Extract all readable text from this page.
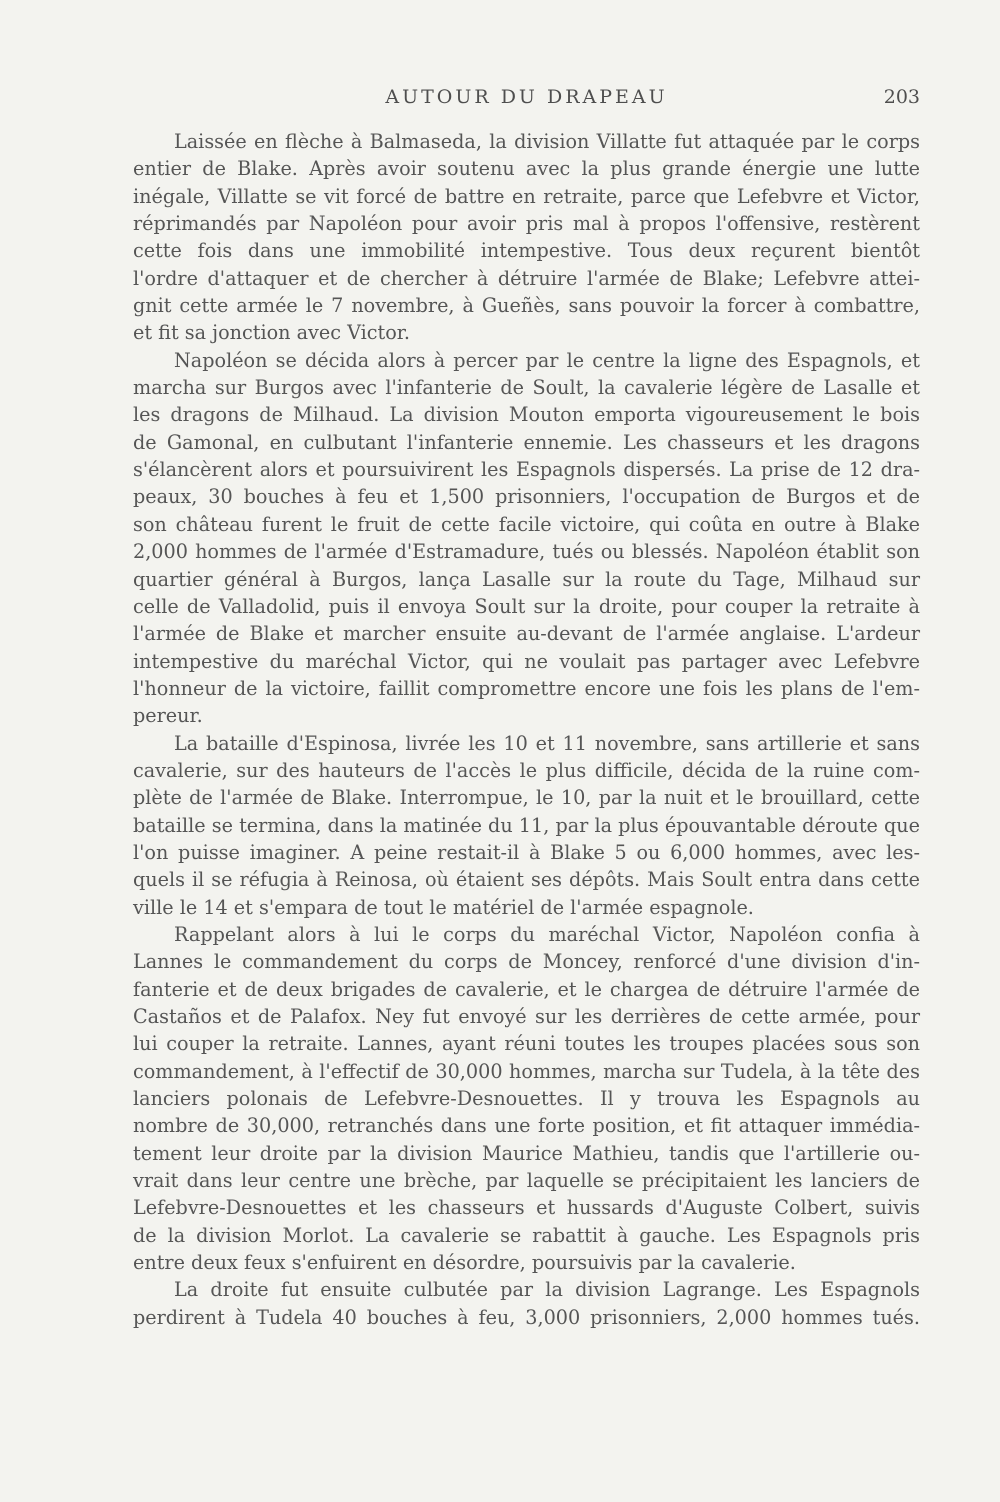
AUTOUR DU DRAPEAU	203

Laissée en flèche à Balmaseda, la division Villatte fut attaquée par le corps
entier de Blake. Après avoir soutenu avec la plus grande énergie une lutte
inégale, Villatte se vit forcé de battre en retraite, parce que Lefebvre et Victor,
réprimandés par Napoléon pour avoir pris mal à propos l'offensive, restèrent
cette fois dans une immobilité intempestive. Tous deux reçurent bientôt
l'ordre d'attaquer et de chercher à détruire l'armée de Blake; Lefebvre attei-
gnit cette armée le 7 novembre, à Gueñès, sans pouvoir la forcer à combattre,
et fit sa jonction avec Victor.

Napoléon se décida alors à percer par le centre la ligne des Espagnols, et
marcha sur Burgos avec l'infanterie de Soult, la cavalerie légère de Lasalle et
les dragons de Milhaud. La division Mouton emporta vigoureusement le bois
de Gamonal, en culbutant l'infanterie ennemie. Les chasseurs et les dragons
s'élancèrent alors et poursuivirent les Espagnols dispersés. La prise de 12 dra-
peaux, 30 bouches à feu et 1,500 prisonniers, l'occupation de Burgos et de
son château furent le fruit de cette facile victoire, qui coûta en outre à Blake
2,000 hommes de l'armée d'Estramadure, tués ou blessés. Napoléon établit son
quartier général à Burgos, lança Lasalle sur la route du Tage, Milhaud sur
celle de Valladolid, puis il envoya Soult sur la droite, pour couper la retraite à
l'armée de Blake et marcher ensuite au-devant de l'armée anglaise. L'ardeur
intempestive du maréchal Victor, qui ne voulait pas partager avec Lefebvre
l'honneur de la victoire, faillit compromettre encore une fois les plans de l'em-
pereur.

La bataille d'Espinosa, livrée les 10 et 11 novembre, sans artillerie et sans
cavalerie, sur des hauteurs de l'accès le plus difficile, décida de la ruine com-
plète de l'armée de Blake. Interrompue, le 10, par la nuit et le brouillard, cette
bataille se termina, dans la matinée du 11, par la plus épouvantable déroute que
l'on puisse imaginer. A peine restait-il à Blake 5 ou 6,000 hommes, avec les-
quels il se réfugia à Reinosa, où étaient ses dépôts. Mais Soult entra dans cette
ville le 14 et s'empara de tout le matériel de l'armée espagnole.

Rappelant alors à lui le corps du maréchal Victor, Napoléon confia à
Lannes le commandement du corps de Moncey, renforcé d'une division d'in-
fanterie et de deux brigades de cavalerie, et le chargea de détruire l'armée de
Castaños et de Palafox. Ney fut envoyé sur les derrières de cette armée, pour
lui couper la retraite. Lannes, ayant réuni toutes les troupes placées sous son
commandement, à l'effectif de 30,000 hommes, marcha sur Tudela, à la tête des
lanciers polonais de Lefebvre-Desnouettes. Il y trouva les Espagnols au
nombre de 30,000, retranchés dans une forte position, et fit attaquer immédia-
tement leur droite par la division Maurice Mathieu, tandis que l'artillerie ou-
vrait dans leur centre une brèche, par laquelle se précipitaient les lanciers de
Lefebvre-Desnouettes et les chasseurs et hussards d'Auguste Colbert, suivis
de la division Morlot. La cavalerie se rabattit à gauche. Les Espagnols pris
entre deux feux s'enfuirent en désordre, poursuivis par la cavalerie.

La droite fut ensuite culbutée par la division Lagrange. Les Espagnols
perdirent à Tudela 40 bouches à feu, 3,000 prisonniers, 2,000 hommes tués.
